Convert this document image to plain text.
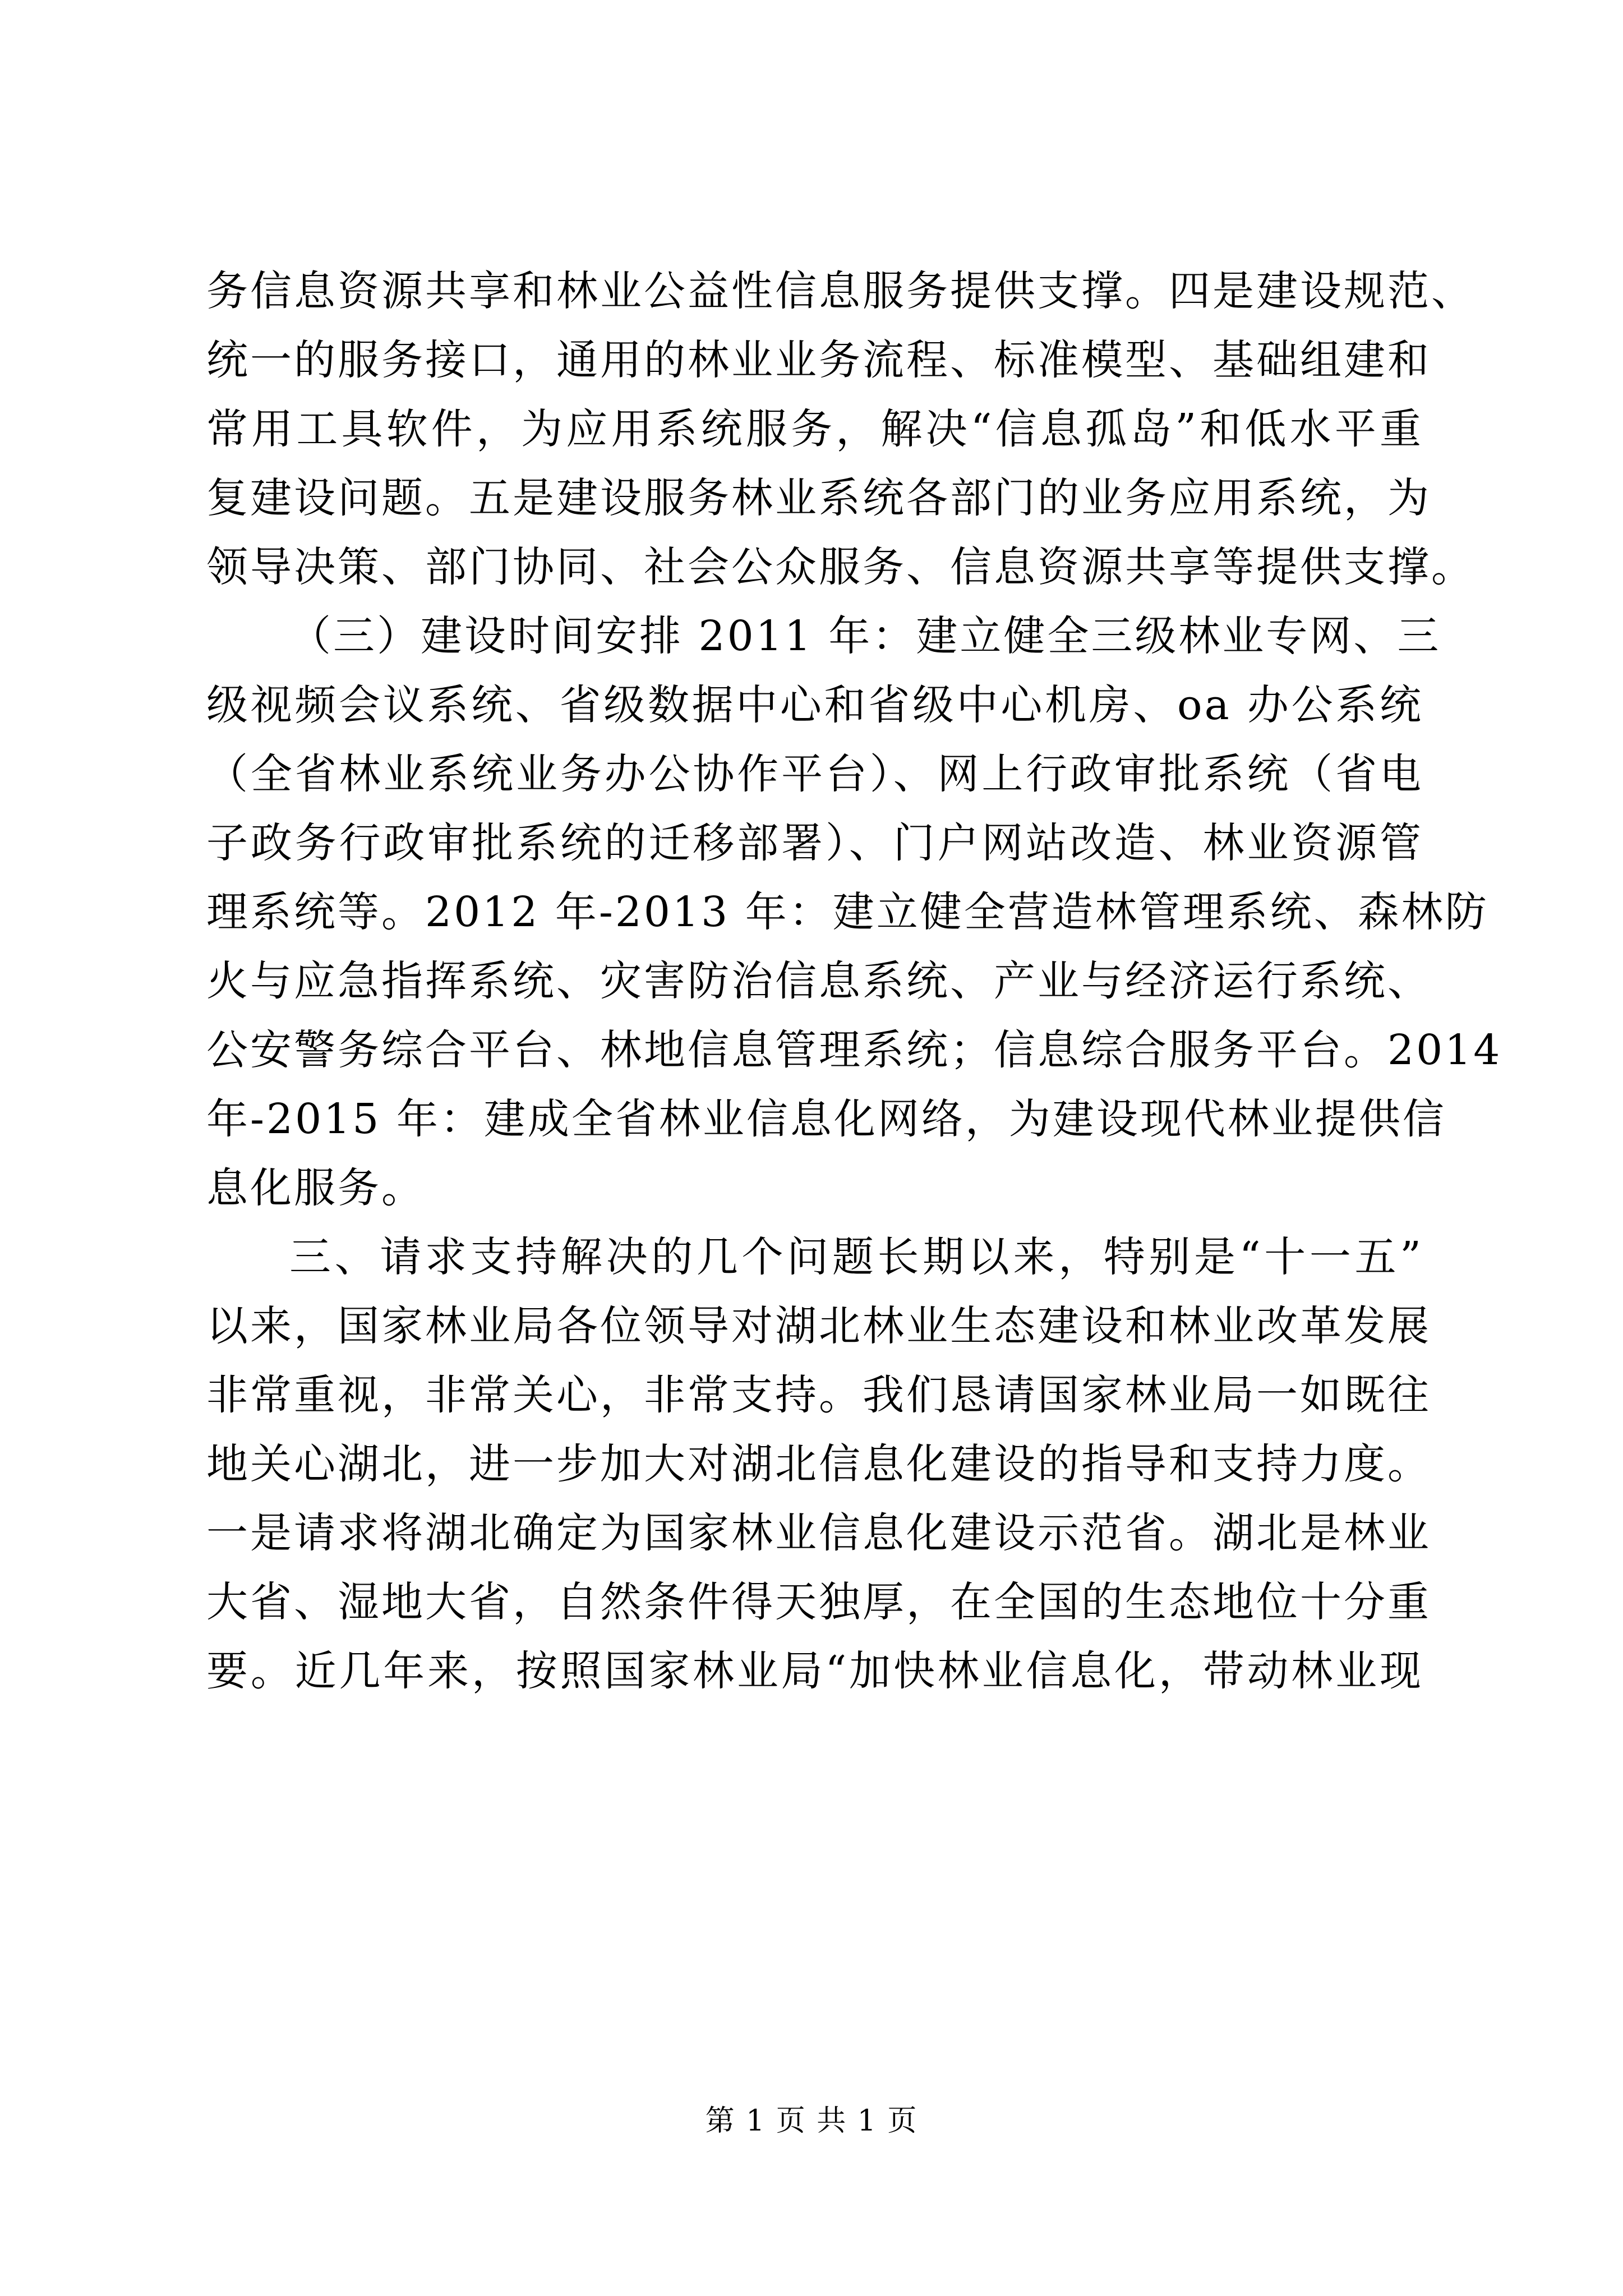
务信息资源共享和林业公益性信息服务提供支撑。四是建设规范、
统一的服务接口，通用的林业业务流程、标准模型、基础组建和
常用工具软件，为应用系统服务，解决“信息孤岛”和低水平重
复建设问题。五是建设服务林业系统各部门的业务应用系统，为
领导决策、部门协同、社会公众服务、信息资源共享等提供支撑。
（三）建设时间安排 2011 年：建立健全三级林业专网、三
级视频会议系统、省级数据中心和省级中心机房、oa 办公系统
（全省林业系统业务办公协作平台）、网上行政审批系统（省电
子政务行政审批系统的迁移部署）、门户网站改造、林业资源管
理系统等。2012 年-2013 年：建立健全营造林管理系统、森林防
火与应急指挥系统、灾害防治信息系统、产业与经济运行系统、
公安警务综合平台、林地信息管理系统；信息综合服务平台。2014
年-2015 年：建成全省林业信息化网络，为建设现代林业提供信
息化服务。
三、请求支持解决的几个问题长期以来，特别是“十一五”
以来，国家林业局各位领导对湖北林业生态建设和林业改革发展
非常重视，非常关心，非常支持。我们恳请国家林业局一如既往
地关心湖北，进一步加大对湖北信息化建设的指导和支持力度。
一是请求将湖北确定为国家林业信息化建设示范省。湖北是林业
大省、湿地大省，自然条件得天独厚，在全国的生态地位十分重
要。近几年来，按照国家林业局“加快林业信息化，带动林业现
第 1 页 共 1 页
